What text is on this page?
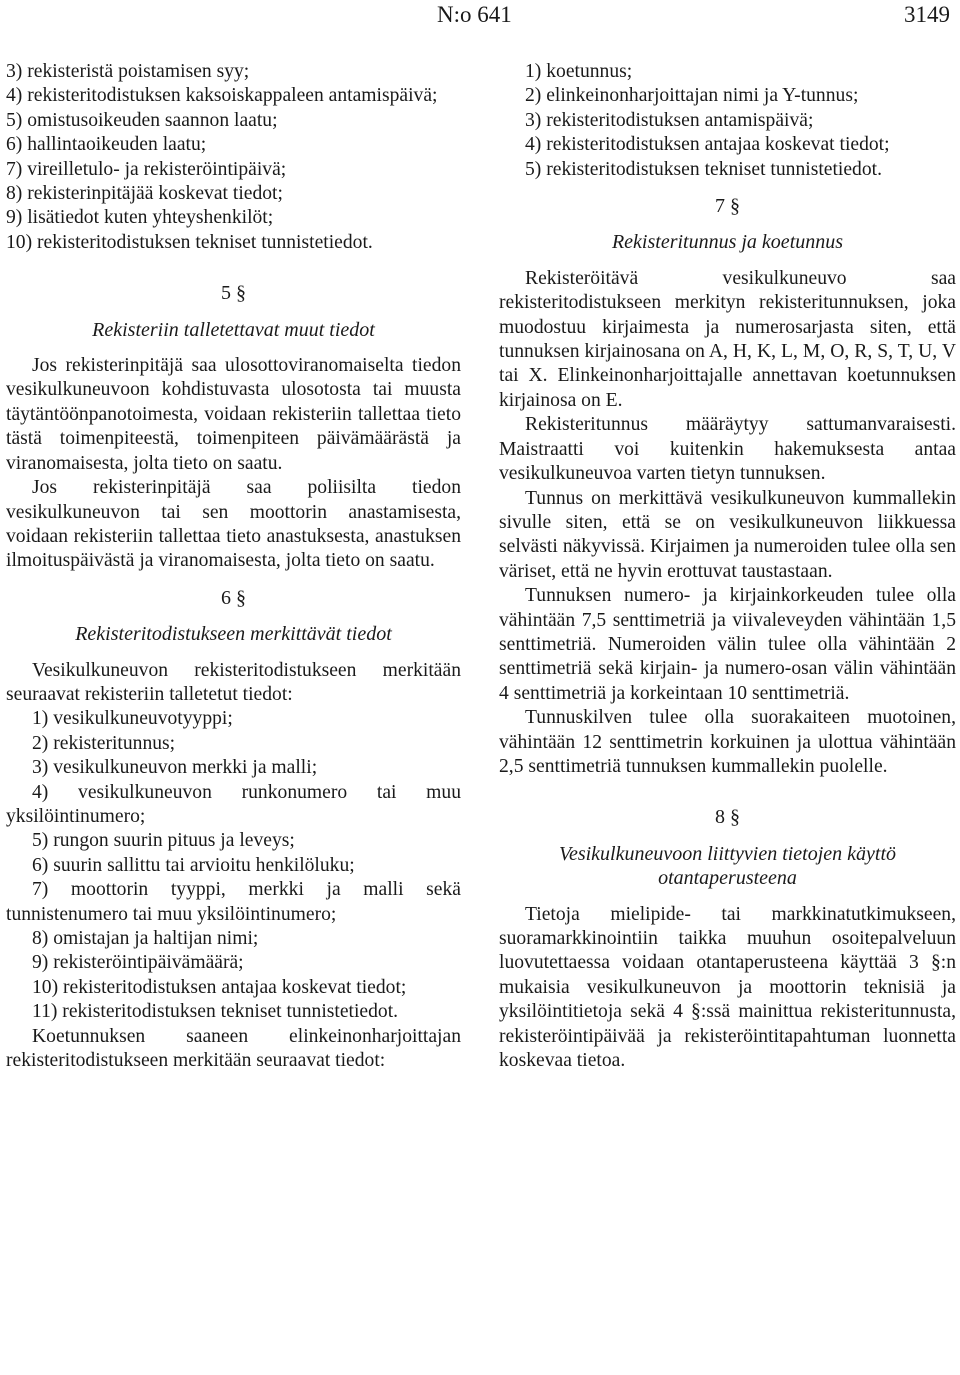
N:o 641	3149

3) rekisteristä poistamisen syy;

4) rekisteritodistuksen kaksoiskappaleen antamispäivä;

5) omistusoikeuden saannon laatu;

6) hallintaoikeuden laatu;

7) vireilletulo- ja rekisteröintipäivä;

8) rekisterinpitäjää koskevat tiedot;

9) lisätiedot kuten yhteyshenkilöt;

10) rekisteritodistuksen tekniset tunnistetiedot.

5 §

Rekisteriin talletettavat muut tiedot

Jos rekisterinpitäjä saa ulosottoviranomaiselta tiedon vesikulkuneuvoon kohdistuvasta ulosotosta tai muusta täytäntöönpanotoimesta, voidaan rekisteriin tallettaa tieto tästä toimenpiteestä, toimenpiteen päivämäärästä ja viranomaisesta, jolta tieto on saatu.

Jos rekisterinpitäjä saa poliisilta tiedon vesikulkuneuvon tai sen moottorin anastamisesta, voidaan rekisteriin tallettaa tieto anastuksesta, anastuksen ilmoituspäivästä ja viranomaisesta, jolta tieto on saatu.

6 §

Rekisteritodistukseen merkittävät tiedot

Vesikulkuneuvon rekisteritodistukseen merkitään seuraavat rekisteriin talletetut tiedot:

1) vesikulkuneuvotyyppi;

2) rekisteritunnus;

3) vesikulkuneuvon merkki ja malli;

4) vesikulkuneuvon runkonumero tai muu yksilöintinumero;

5) rungon suurin pituus ja leveys;

6) suurin sallittu tai arvioitu henkilöluku;

7) moottorin tyyppi, merkki ja malli sekä tunnistenumero tai muu yksilöintinumero;

8) omistajan ja haltijan nimi;

9) rekisteröintipäivämäärä;

10) rekisteritodistuksen antajaa koskevat tiedot;

11) rekisteritodistuksen tekniset tunnistetiedot.

Koetunnuksen saaneen elinkeinonharjoittajan rekisteritodistukseen merkitään seuraavat tiedot:

1) koetunnus;

2) elinkeinonharjoittajan nimi ja Y-tunnus;

3) rekisteritodistuksen antamispäivä;

4) rekisteritodistuksen antajaa koskevat tiedot;

5) rekisteritodistuksen tekniset tunnistetiedot.

7 §

Rekisteritunnus ja koetunnus

Rekisteröitävä vesikulkuneuvo saa rekisteritodistukseen merkityn rekisteritunnuksen, joka muodostuu kirjaimesta ja numerosarjasta siten, että tunnuksen kirjainosana on A, H, K, L, M, O, R, S, T, U, V tai X. Elinkeinonharjoittajalle annettavan koetunnuksen kirjainosa on E.

Rekisteritunnus määräytyy sattumanvaraisesti. Maistraatti voi kuitenkin hakemuksesta antaa vesikulkuneuvoa varten tietyn tunnuksen.

Tunnus on merkittävä vesikulkuneuvon kummallekin sivulle siten, että se on vesikulkuneuvon liikkuessa selvästi näkyvissä. Kirjaimen ja numeroiden tulee olla sen väriset, että ne hyvin erottuvat taustastaan.

Tunnuksen numero- ja kirjainkorkeuden tulee olla vähintään 7,5 senttimetriä ja viivaleveyden vähintään 1,5 senttimetriä. Numeroiden välin tulee olla vähintään 2 senttimetriä sekä kirjain- ja numero-osan välin vähintään 4 senttimetriä ja korkeintaan 10 senttimetriä.

Tunnuskilven tulee olla suorakaiteen muotoinen, vähintään 12 senttimetrin korkuinen ja ulottua vähintään 2,5 senttimetriä tunnuksen kummallekin puolelle.

8 §

Vesikulkuneuvoon liittyvien tietojen käyttö otantaperusteena

Tietoja mielipide- tai markkinatutkimukseen, suoramarkkinointiin taikka muuhun osoitepalveluun luovutettaessa voidaan otantaperusteena käyttää 3 §:n mukaisia vesikulkuneuvon ja moottorin teknisiä ja yksilöintitietoja sekä 4 §:ssä mainittua rekisteritunnusta, rekisteröintipäivää ja rekisteröintitapahtuman luonnetta koskevaa tietoa.
